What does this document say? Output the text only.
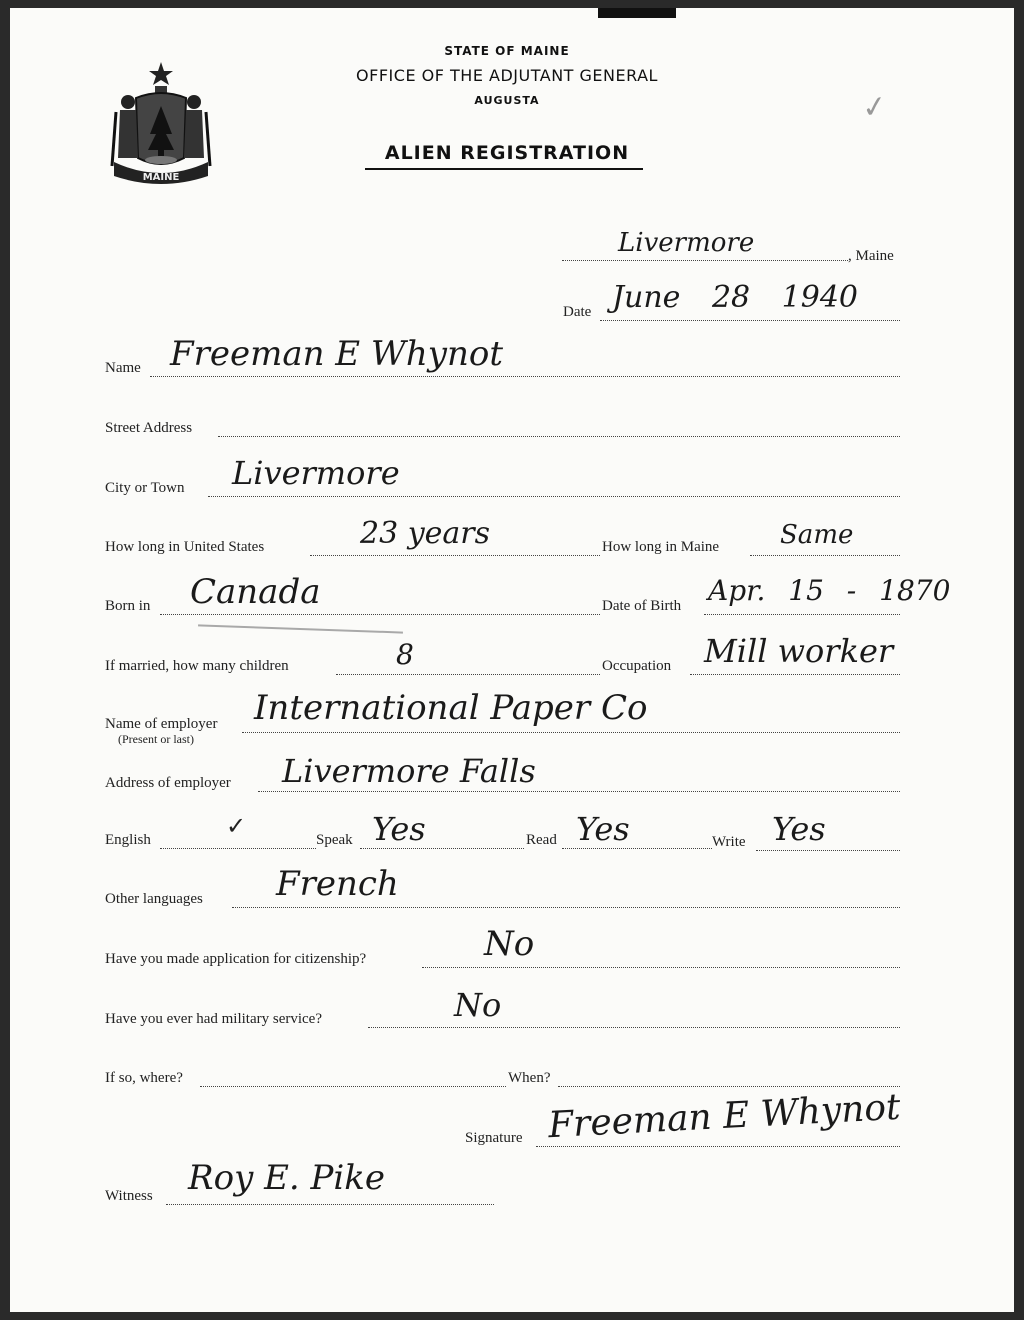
MAINE
STATE OF MAINE
OFFICE OF THE ADJUTANT GENERAL
AUGUSTA
ALIEN REGISTRATION
✓
Livermore	, Maine
Date June 28 1940
Name Freeman E Whynot
Street Address
City or Town Livermore
How long in United States	23 years	How long in Maine Same
Born in Canada	Date of Birth Apr. 15 - 1870
If married, how many children	8	Occupation Mill worker
Name of employer
(Present or last)
International Paper Co
Address of employer Livermore Falls
English	✓	Speak Yes	Read Yes	Write Yes
Other languages French
Have you made application for citizenship?	No
Have you ever had military service?	No
If so, where?	When?
Signature Freeman E Whynot
Witness Roy E. Pike
